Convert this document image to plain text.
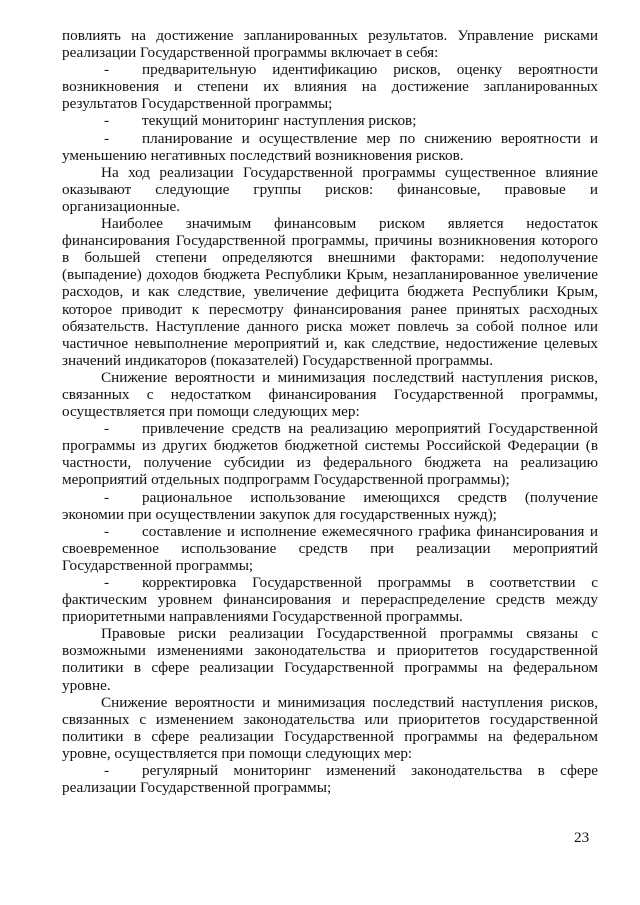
повлиять на достижение запланированных результатов. Управление рисками реализации Государственной программы включает в себя:

- предварительную идентификацию рисков, оценку вероятности возникновения и степени их влияния на достижение запланированных результатов Государственной программы;

- текущий мониторинг наступления рисков;

- планирование и осуществление мер по снижению вероятности и уменьшению негативных последствий возникновения рисков.

На ход реализации Государственной программы существенное влияние оказывают следующие группы рисков: финансовые, правовые и организационные.

Наиболее значимым финансовым риском является недостаток финансирования Государственной программы, причины возникновения которого в большей степени определяются внешними факторами: недополучение (выпадение) доходов бюджета Республики Крым, незапланированное увеличение расходов, и как следствие, увеличение дефицита бюджета Республики Крым, которое приводит к пересмотру финансирования ранее принятых расходных обязательств. Наступление данного риска может повлечь за собой полное или частичное невыполнение мероприятий и, как следствие, недостижение целевых значений индикаторов (показателей) Государственной программы.

Снижение вероятности и минимизация последствий наступления рисков, связанных с недостатком финансирования Государственной программы, осуществляется при помощи следующих мер:

- привлечение средств на реализацию мероприятий Государственной программы из других бюджетов бюджетной системы Российской Федерации (в частности, получение субсидии из федерального бюджета на реализацию мероприятий отдельных подпрограмм Государственной программы);

- рациональное использование имеющихся средств (получение экономии при осуществлении закупок для государственных нужд);

- составление и исполнение ежемесячного графика финансирования и своевременное использование средств при реализации мероприятий Государственной программы;

- корректировка Государственной программы в соответствии с фактическим уровнем финансирования и перераспределение средств между приоритетными направлениями Государственной программы.

Правовые риски реализации Государственной программы связаны с возможными изменениями законодательства и приоритетов государственной политики в сфере реализации Государственной программы на федеральном уровне.

Снижение вероятности и минимизация последствий наступления рисков, связанных с изменением законодательства или приоритетов государственной политики в сфере реализации Государственной программы на федеральном уровне, осуществляется при помощи следующих мер:

- регулярный мониторинг изменений законодательства в сфере реализации Государственной программы;

23
